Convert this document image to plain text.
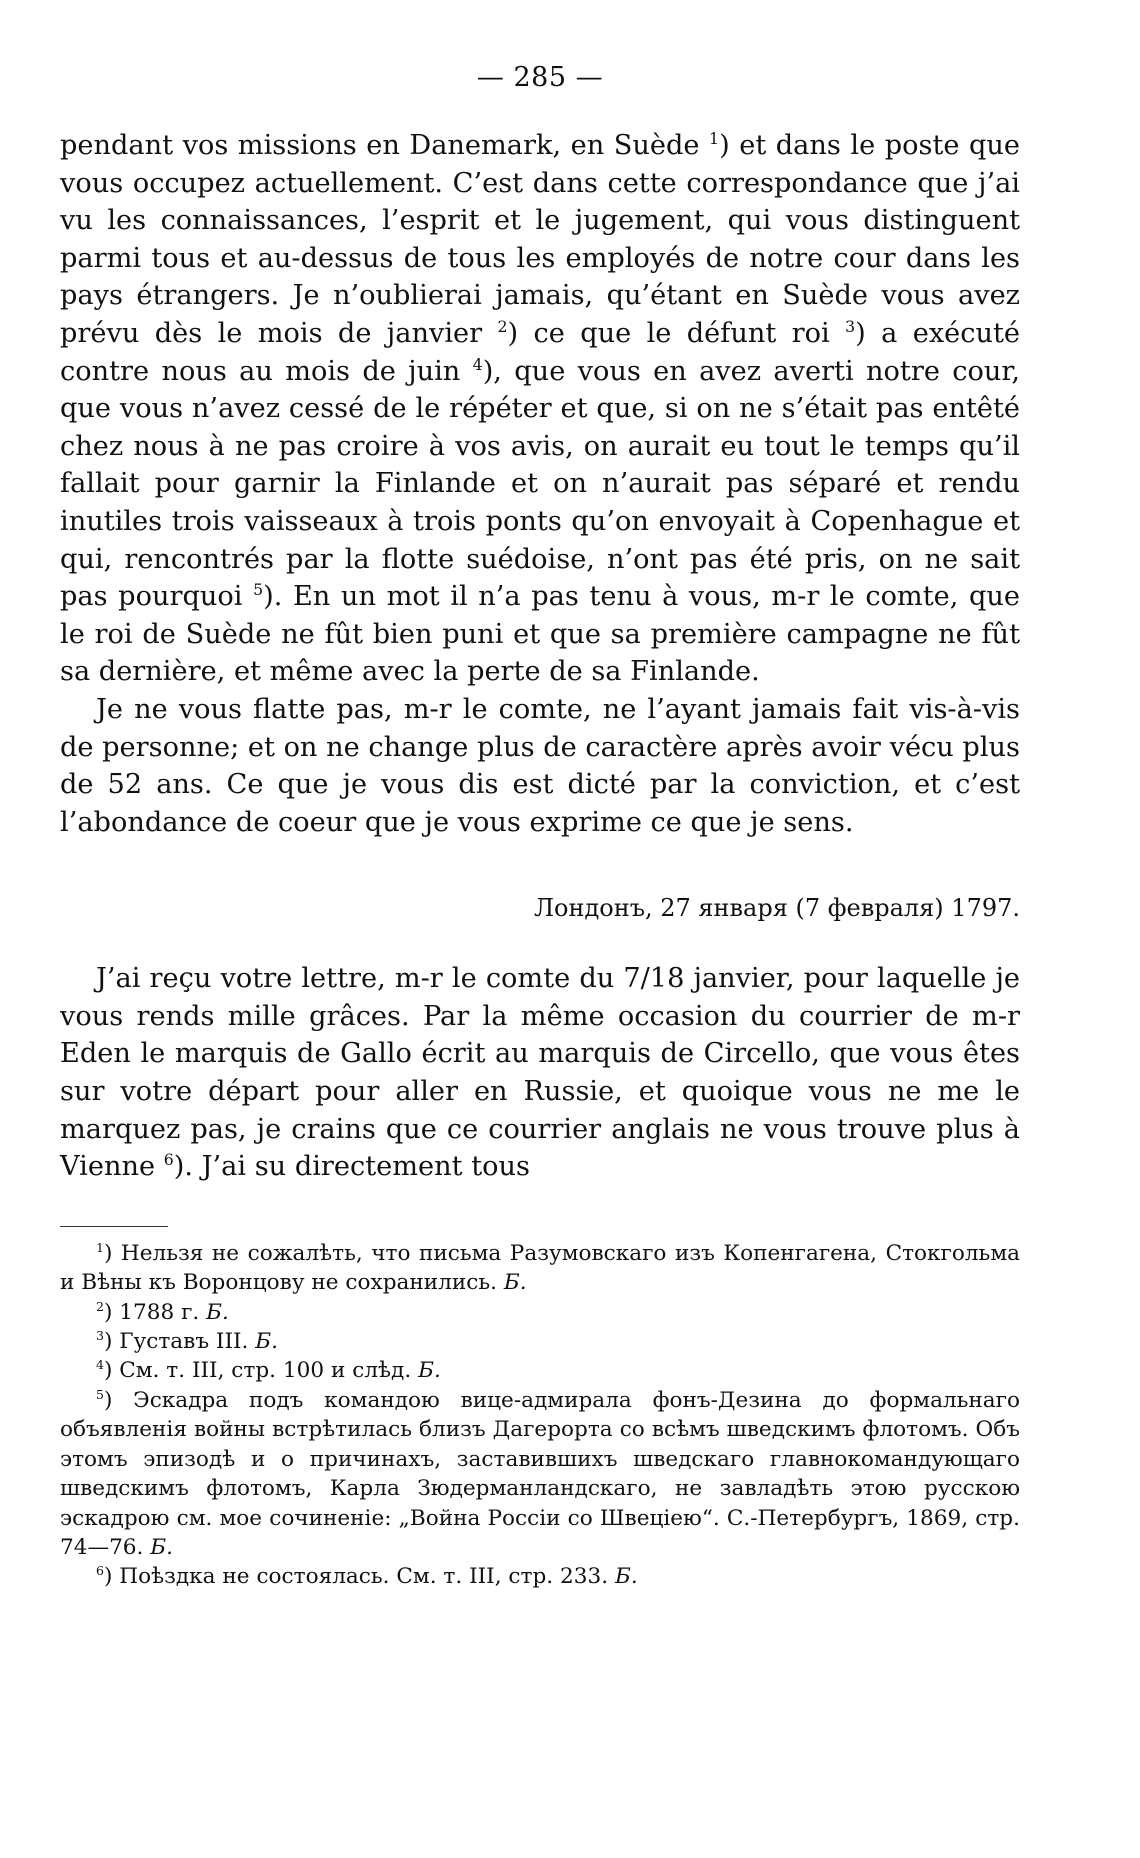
— 285 —

pendant vos missions en Danemark, en Suède $^1$) et dans le poste que vous occupez actuellement. C’est dans cette correspondance que j’ai vu les connaissances, l’esprit et le jugement, qui vous distinguent parmi tous et au-dessus de tous les employés de notre cour dans les pays étrangers. Je n’oublierai jamais, qu’étant en Suède vous avez prévu dès le mois de janvier $^2$) ce que le défunt roi $^3$) a exécuté contre nous au mois de juin $^4$), que vous en avez averti notre cour, que vous n’avez cessé de le répéter et que, si on ne s’était pas entêté chez nous à ne pas croire à vos avis, on aurait eu tout le temps qu’il fallait pour garnir la Finlande et on n’aurait pas séparé et rendu inutiles trois vaisseaux à trois ponts qu’on envoyait à Copenhague et qui, rencontrés par la flotte suédoise, n’ont pas été pris, on ne sait pas pourquoi $^5$). En un mot il n’a pas tenu à vous, m-r le comte, que le roi de Suède ne fût bien puni et que sa première campagne ne fût sa dernière, et même avec la perte de sa Finlande.

Je ne vous flatte pas, m-r le comte, ne l’ayant jamais fait vis-à-vis de personne; et on ne change plus de caractère après avoir vécu plus de 52 ans. Ce que je vous dis est dicté par la conviction, et c’est l’abondance de coeur que je vous exprime ce que je sens.

Лондонъ, 27 января (7 февраля) 1797.

J’ai reçu votre lettre, m-r le comte du 7/18 janvier, pour laquelle je vous rends mille grâces. Par la même occasion du courrier de m-r Eden le marquis de Gallo écrit au marquis de Circello, que vous êtes sur votre départ pour aller en Russie, et quoique vous ne me le marquez pas, je crains que ce courrier anglais ne vous trouve plus à Vienne $^6$). J’ai su directement tous

$^1$) Нельзя не сожалѣть, что письма Разумовскаго изъ Копенгагена, Стокгольма и Вѣны къ Воронцову не сохранились. Б.

$^2$) 1788 г. Б.

$^3$) Густавъ III. Б.

$^4$) См. т. III, стр. 100 и слѣд. Б.

$^5$) Эскадра подъ командою вице-адмирала фонъ-Дезина до формальнаго объявленія войны встрѣтилась близъ Дагерорта со всѣмъ шведскимъ флотомъ. Объ этомъ эпизодѣ и о причинахъ, заставившихъ шведскаго главнокомандующаго шведскимъ флотомъ, Карла Зюдерманландскаго, не завладѣть этою русскою эскадрою см. мое сочиненіе: „Война Россіи со Швеціею“. С.-Петербургъ, 1869, стр. 74—76. Б.

$^6$) Поѣздка не состоялась. См. т. III, стр. 233. Б.
